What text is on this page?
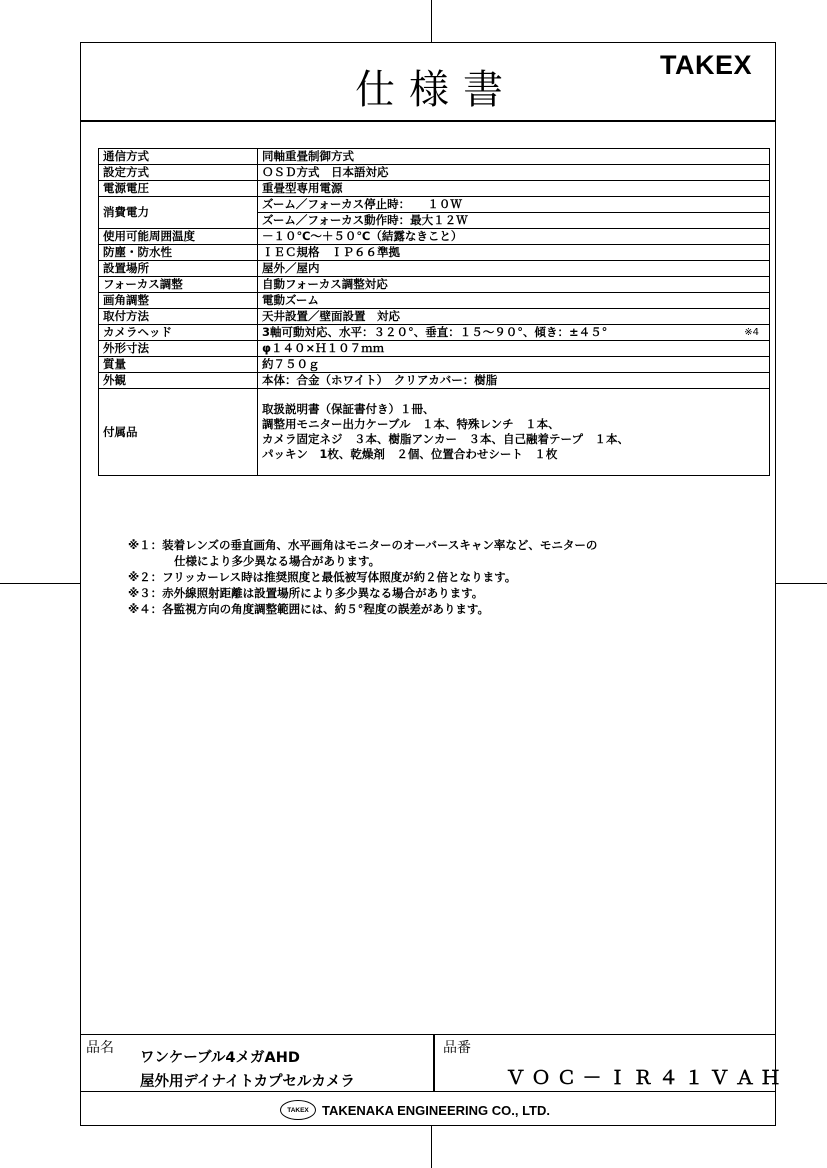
仕様書
TAKEX
通信方式	同軸重畳制御方式
設定方式	ＯＳＤ方式　日本語対応
電源電圧	重畳型専用電源
消費電力	ズーム／フォーカス停止時：　　１０Ｗ
	ズーム／フォーカス動作時：最大１２Ｗ
使用可能周囲温度	－１０℃～＋５０℃（結露なきこと）
防塵・防水性	ＩＥＣ規格　ＩＰ６６準拠
設置場所	屋外／屋内
フォーカス調整	自動フォーカス調整対応
画角調整	電動ズーム
取付方法	天井設置／壁面設置　対応
カメラヘッド	3軸可動対応、水平：３２０°、垂直：１５～９０°、傾き：±４５° ※4

外形寸法	φ１４０×Ｈ１０７ｍｍ
質量	約７５０ｇ
外観	本体：合金（ホワイト）　クリアカバー：樹脂
付属品	取扱説明書（保証書付き）１冊、
調整用モニター出力ケーブル　１本、特殊レンチ　１本、
カメラ固定ネジ　３本、樹脂アンカー　３本、自己融着テープ　１本、
パッキン　1枚、乾燥剤　２個、位置合わせシート　１枚
※１：装着レンズの垂直画角、水平画角はモニターのオーバースキャン率など、モニターの
仕様により多少異なる場合があります。
※２：フリッカーレス時は推奨照度と最低被写体照度が約２倍となります。
※３：赤外線照射距離は設置場所により多少異なる場合があります。
※４：各監視方向の角度調整範囲には、約５°程度の誤差があります。
品名
ワンケーブル4メガAHD
屋外用デイナイトカプセルカメラ
品番
ＶＯＣ－ＩＲ４１ＶＡＨ
TAKEX TAKENAKA ENGINEERING CO., LTD.
